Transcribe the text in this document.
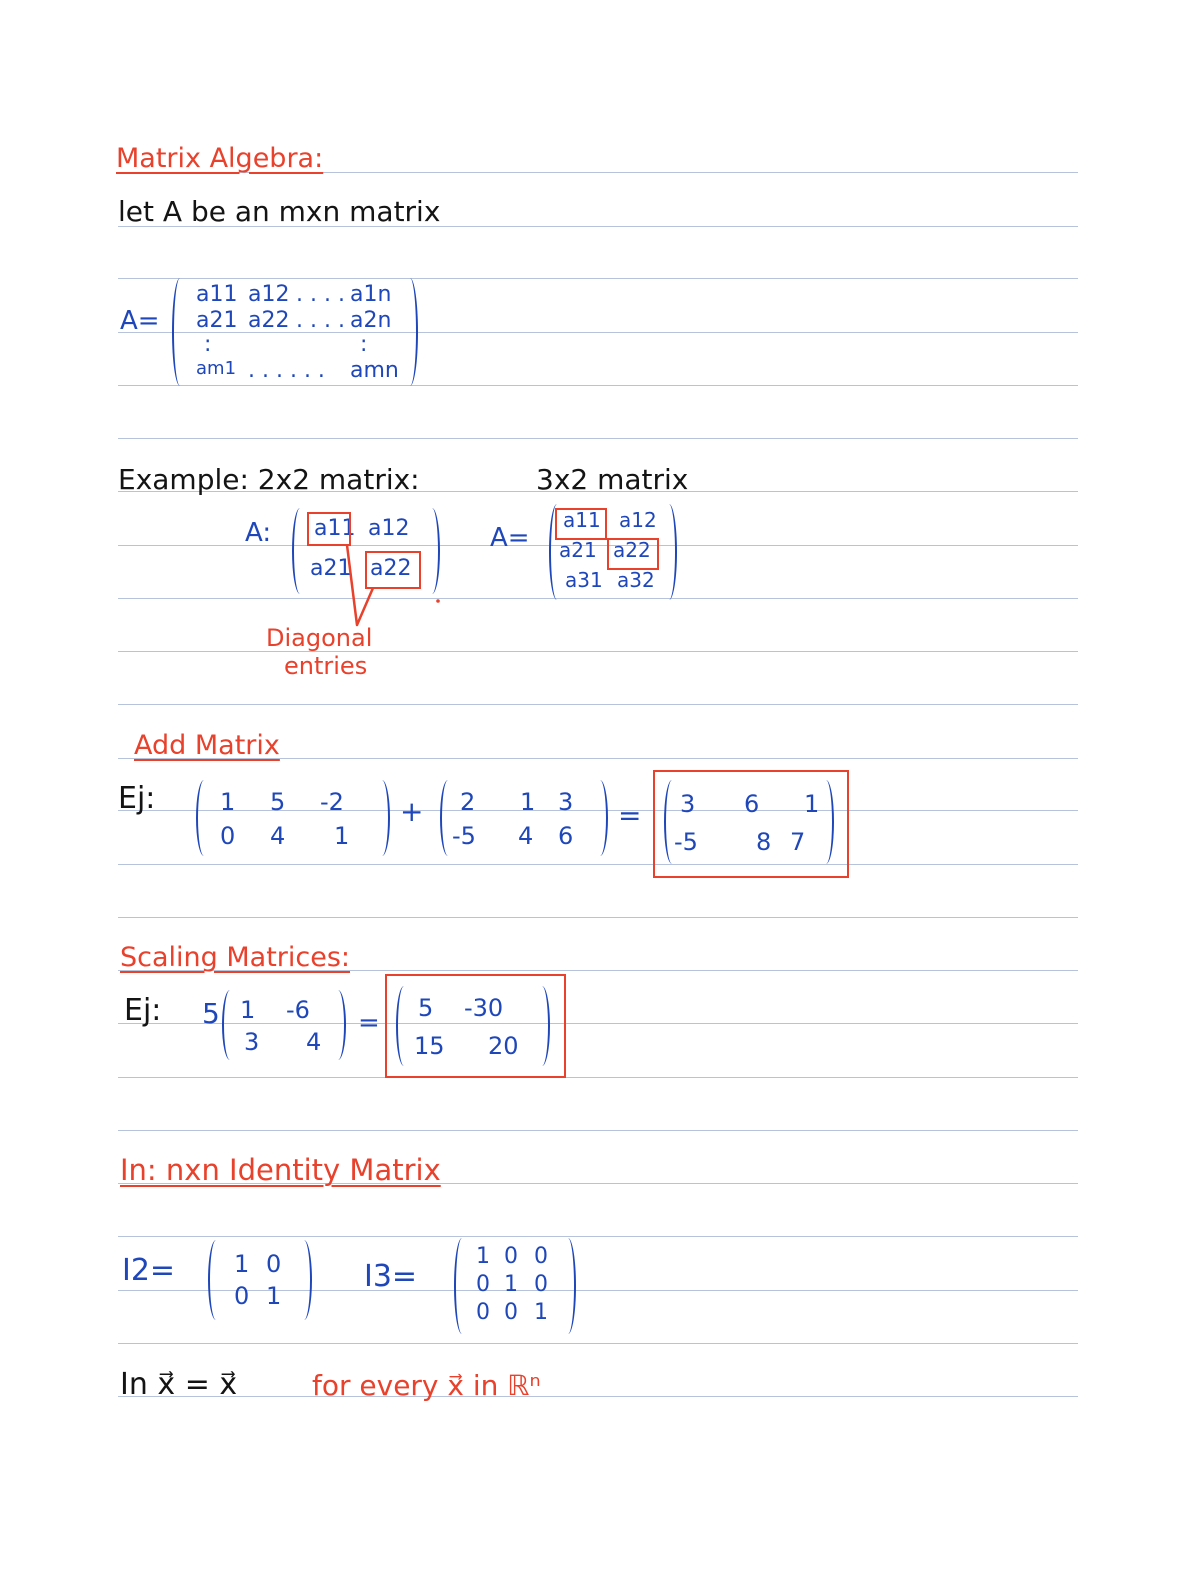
Matrix Algebra:
let A be an mxn matrix
A=
a11 a12 . . . . a1n
a21 a22 . . . . a2n
:	:
am1 . . . . . . amn
Example: 2x2 matrix:	3x2 matrix
A: a11 a12
a21 a22
Diagonal
entries
A=
a11 a12
a21 a22
a31 a32
Add Matrix
Ej:	1 5 -2
0 4 1
+ 2 1 3
-5 4 6
= 3 6 1
-5 8 7
Scaling Matrices:
Ej: 5 1 -6
3 4
= 5 -30
15 20
In: nxn Identity Matrix
I2= 1 0
0 1
I3=
1 0 0
0 1 0
0 0 1
In x⃗ = x⃗	for every x⃗ in ℝⁿ
